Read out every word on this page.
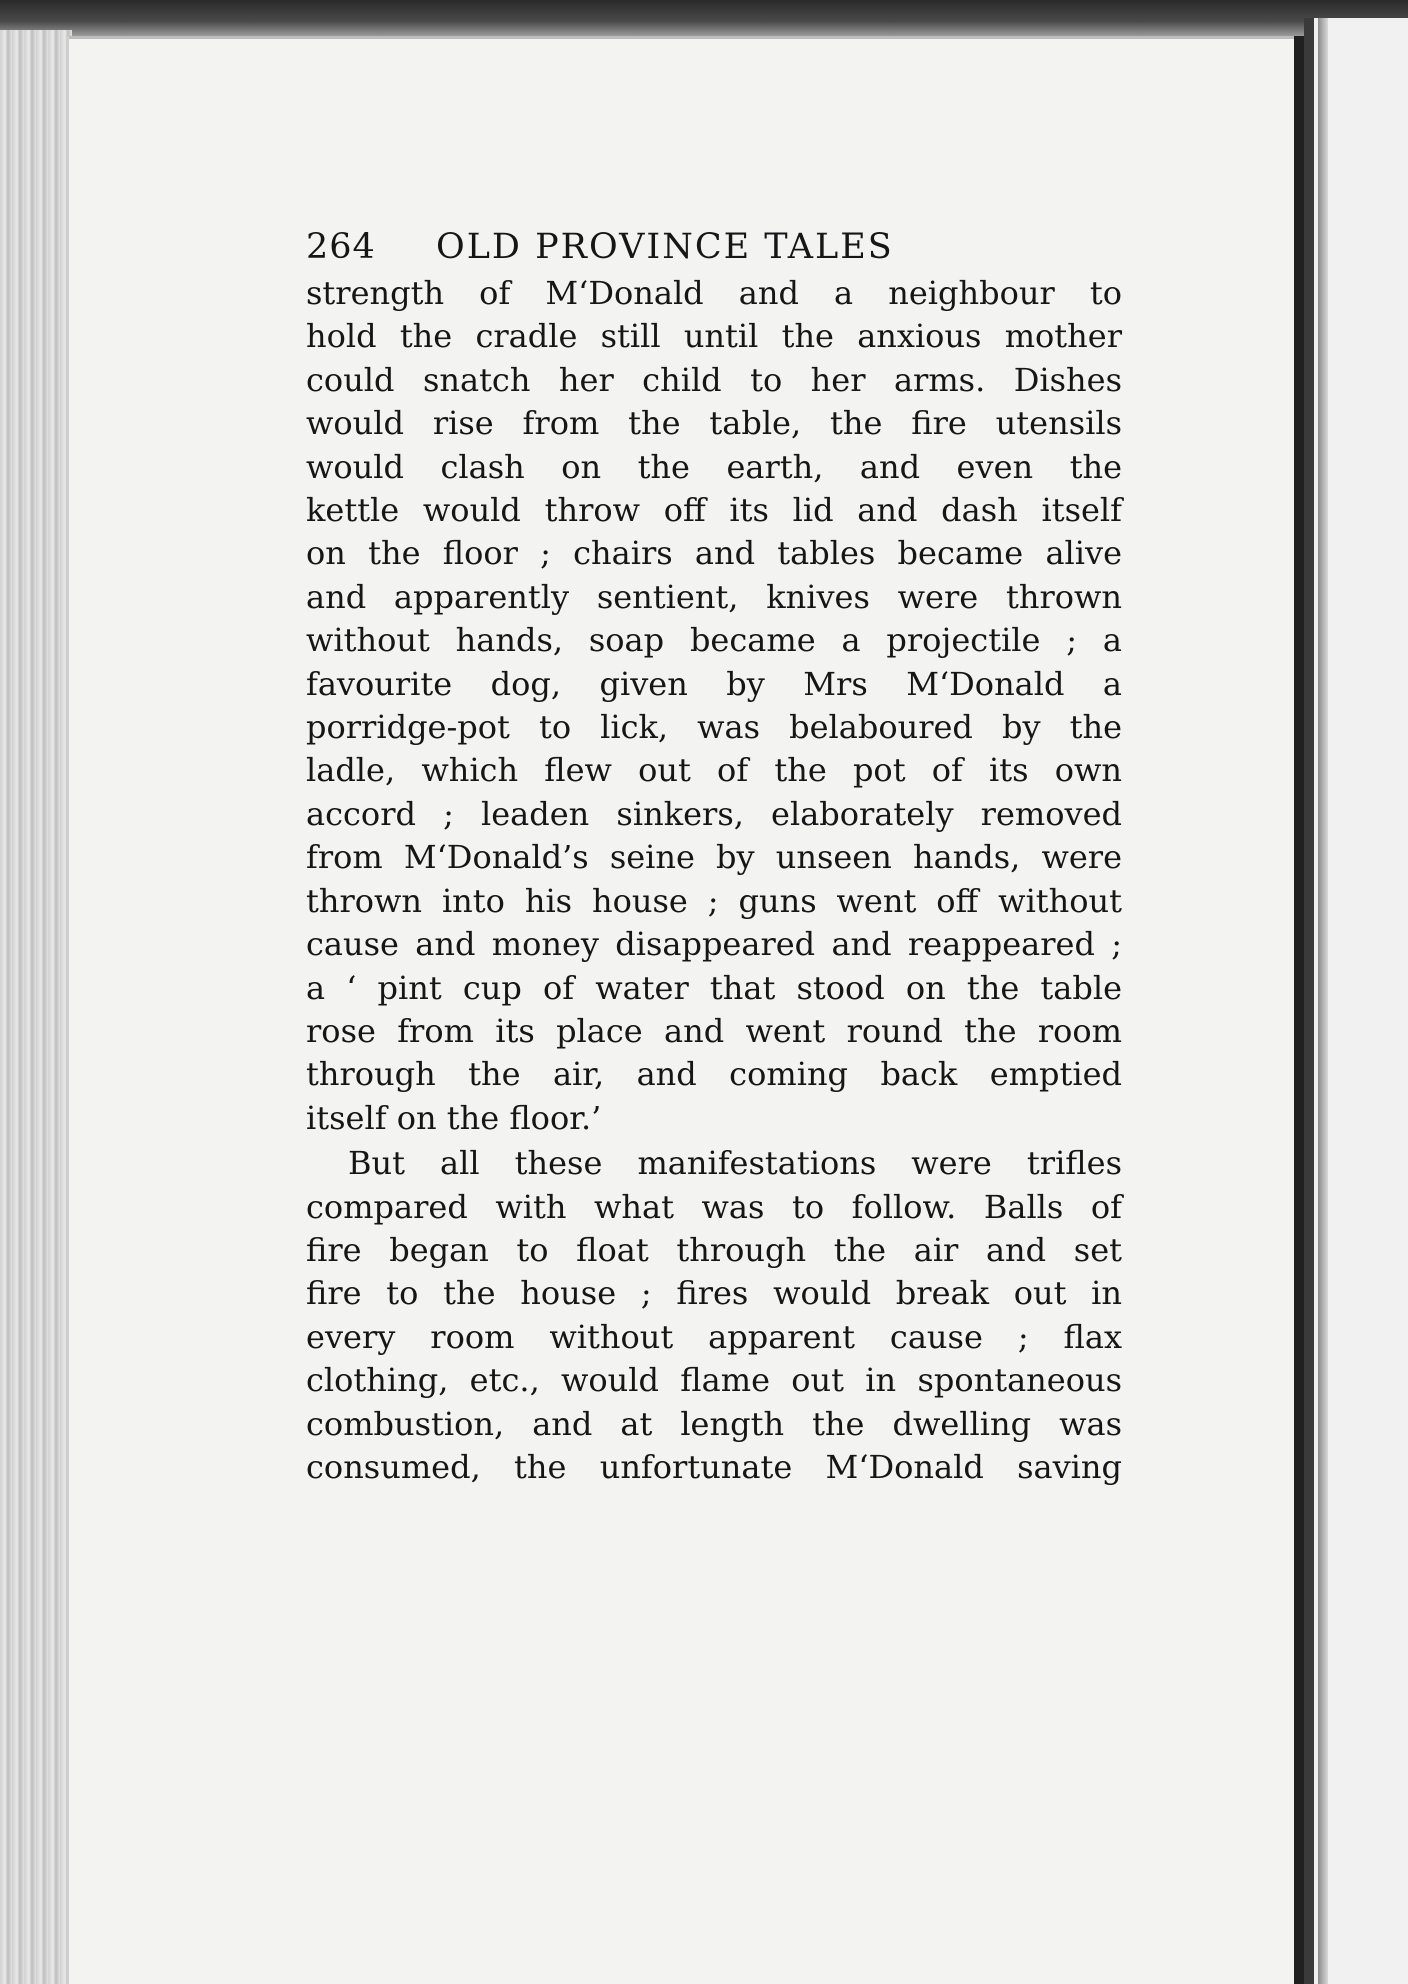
264	OLD PROVINCE TALES
strength of M‘Donald and a neighbour to
hold the cradle still until the anxious mother
could snatch her child to her arms. Dishes
would rise from the table, the fire utensils
would clash on the earth, and even the
kettle would throw off its lid and dash itself
on the floor ; chairs and tables became alive
and apparently sentient, knives were thrown
without hands, soap became a projectile ; a
favourite dog, given by Mrs M‘Donald a
porridge-pot to lick, was belaboured by the
ladle, which flew out of the pot of its own
accord ; leaden sinkers, elaborately removed
from M‘Donald’s seine by unseen hands, were
thrown into his house ; guns went off without
cause and money disappeared and reappeared ;
a ‘ pint cup of water that stood on the table
rose from its place and went round the room
through the air, and coming back emptied
itself on the floor.’
But all these manifestations were trifles
compared with what was to follow. Balls of
fire began to float through the air and set
fire to the house ; fires would break out in
every room without apparent cause ; flax
clothing, etc., would flame out in spontaneous
combustion, and at length the dwelling was
consumed, the unfortunate M‘Donald saving
